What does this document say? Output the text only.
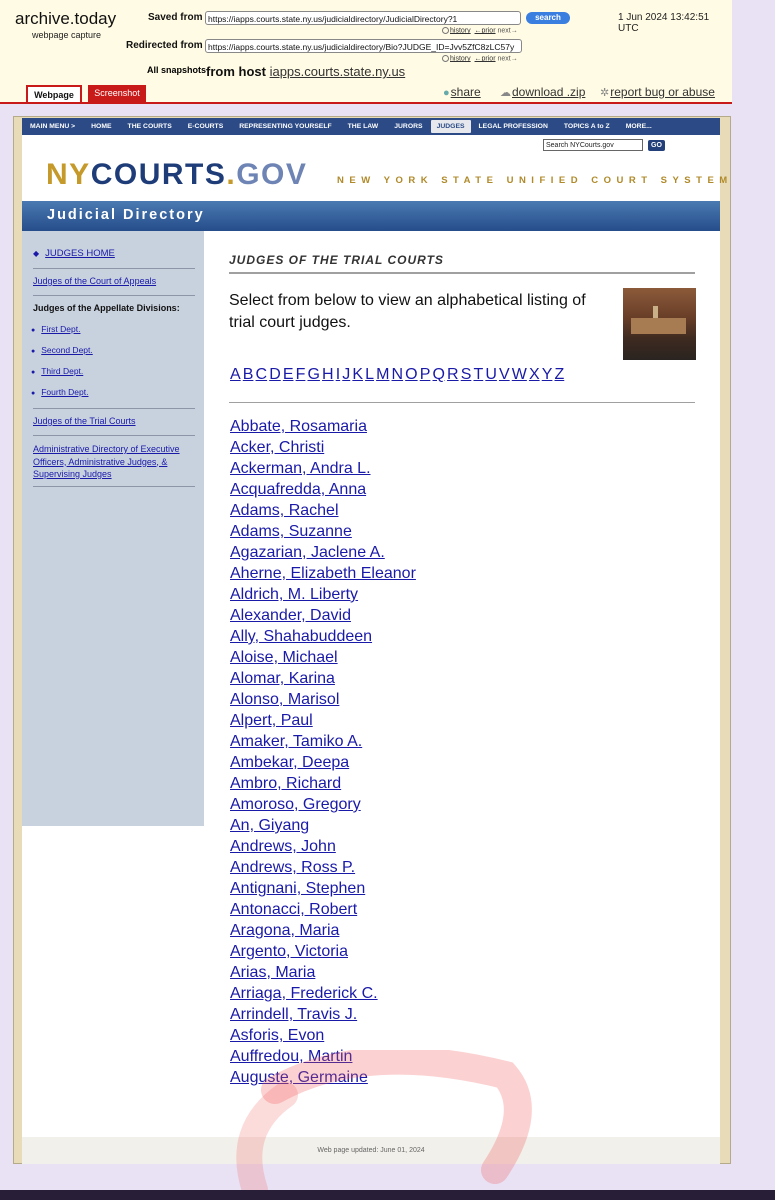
archive.today
webpage capture
Saved from https://iapps.courts.state.ny.us/judicialdirectory/JudicialDirectory?1	search	1 Jun 2024 13:42:51 UTC
history ←prior next→
Redirected from https://iapps.courts.state.ny.us/judicialdirectory/Bio?JUDGE_ID=Jvv5ZfC8zLC57y
history ←prior next→
All snapshots from host iapps.courts.state.ny.us
Webpage	Screenshot	●share ☁download .zip ✲report bug or abuse
MAIN MENU >	HOME	THE COURTS	E-COURTS	REPRESENTING YOURSELF	THE LAW	JURORS	JUDGES	LEGAL PROFESSION	TOPICS A to Z	MORE...
Search NYCourts.gov	GO
NYCOURTS.GOV	NEW YORK STATE UNIFIED COURT SYSTEM
Judicial Directory
◆ JUDGES HOME
Judges of the Court of Appeals
Judges of the Appellate Divisions:
● First Dept.
● Second Dept.
● Third Dept.
● Fourth Dept.
Judges of the Trial Courts
Administrative Directory of Executive Officers, Administrative Judges, & Supervising Judges
JUDGES OF THE TRIAL COURTS
Select from below to view an alphabetical listing of trial court judges.
A B C D E F G H I J K L M N O P Q R S T U V W X Y Z
Abbate, Rosamaria
Acker, Christi
Ackerman, Andra L.
Acquafredda, Anna
Adams, Rachel
Adams, Suzanne
Agazarian, Jaclene A.
Aherne, Elizabeth Eleanor
Aldrich, M. Liberty
Alexander, David
Ally, Shahabuddeen
Aloise, Michael
Alomar, Karina
Alonso, Marisol
Alpert, Paul
Amaker, Tamiko A.
Ambekar, Deepa
Ambro, Richard
Amoroso, Gregory
An, Giyang
Andrews, John
Andrews, Ross P.
Antignani, Stephen
Antonacci, Robert
Aragona, Maria
Argento, Victoria
Arias, Maria
Arriaga, Frederick C.
Arrindell, Travis J.
Asforis, Evon
Auffredou, Martin
Auguste, Germaine
Web page updated: June 01, 2024
